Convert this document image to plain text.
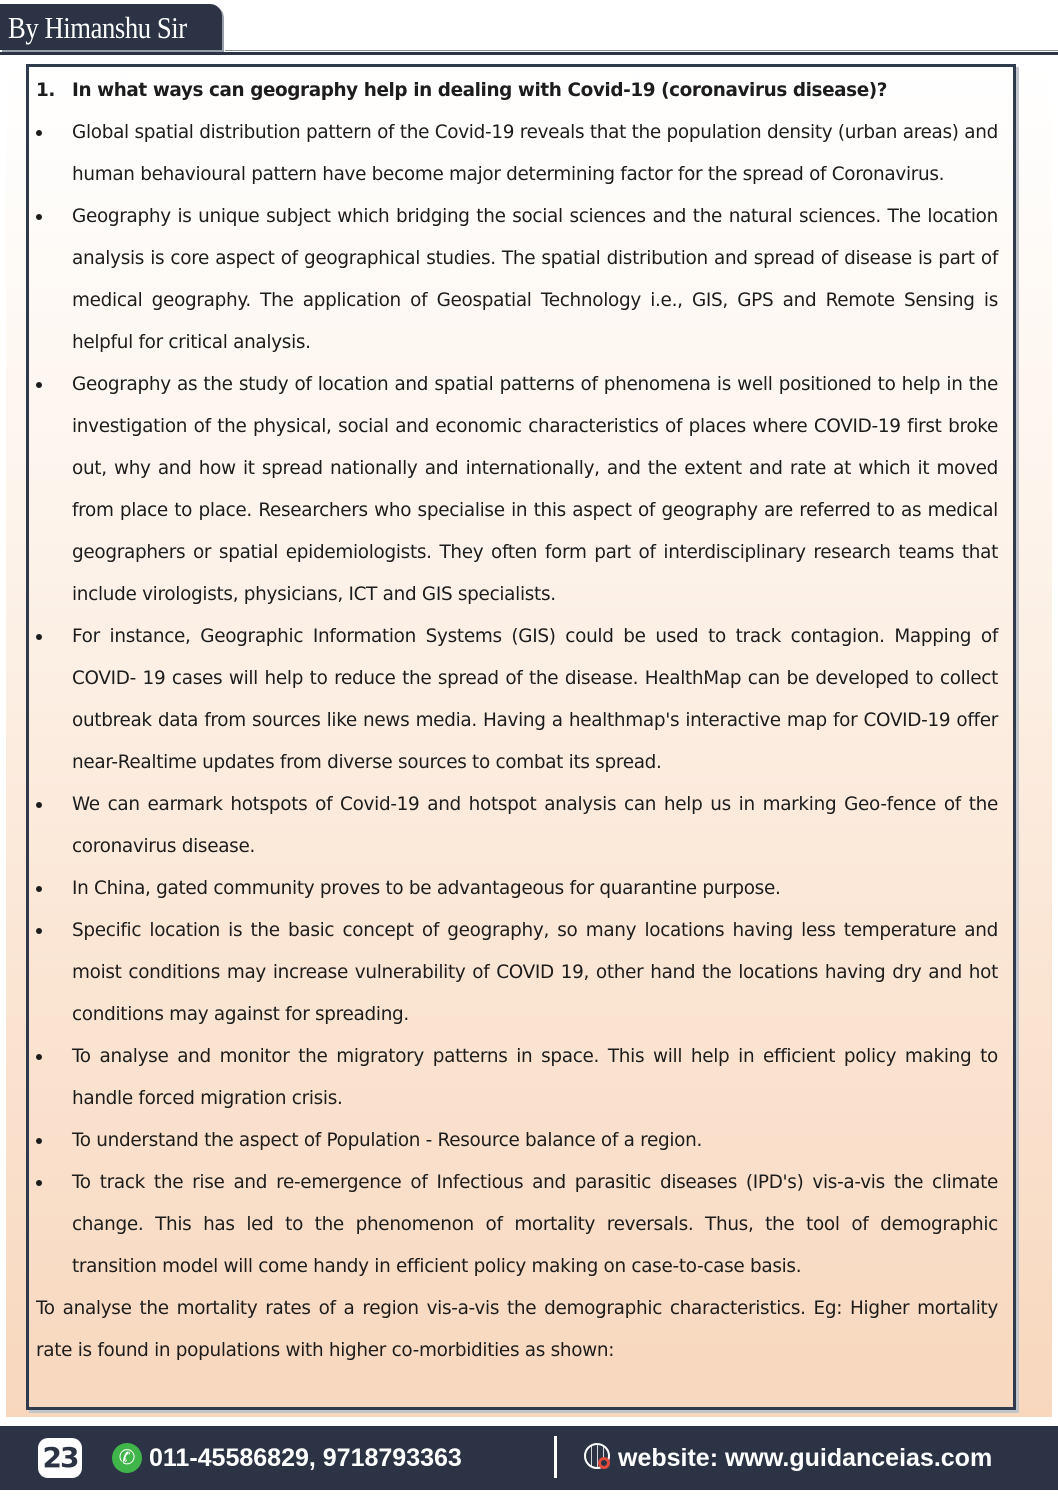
By Himanshu Sir
1. In what ways can geography help in dealing with Covid-19 (coronavirus disease)?
Global spatial distribution pattern of the Covid-19 reveals that the population density (urban areas) and human behavioural pattern have become major determining factor for the spread of Coronavirus.
Geography is unique subject which bridging the social sciences and the natural sciences. The location analysis is core aspect of geographical studies. The spatial distribution and spread of disease is part of medical geography. The application of Geospatial Technology i.e., GIS, GPS and Remote Sensing is helpful for critical analysis.
Geography as the study of location and spatial patterns of phenomena is well positioned to help in the investigation of the physical, social and economic characteristics of places where COVID-19 first broke out, why and how it spread nationally and internationally, and the extent and rate at which it moved from place to place. Researchers who specialise in this aspect of geography are referred to as medical geographers or spatial epidemiologists. They often form part of interdisciplinary research teams that include virologists, physicians, ICT and GIS specialists.
For instance, Geographic Information Systems (GIS) could be used to track contagion. Mapping of COVID- 19 cases will help to reduce the spread of the disease. HealthMap can be developed to collect outbreak data from sources like news media. Having a healthmap's interactive map for COVID-19 offer near-Realtime updates from diverse sources to combat its spread.
We can earmark hotspots of Covid-19 and hotspot analysis can help us in marking Geo-fence of the coronavirus disease.
In China, gated community proves to be advantageous for quarantine purpose.
Specific location is the basic concept of geography, so many locations having less temperature and moist conditions may increase vulnerability of COVID 19, other hand the locations having dry and hot conditions may against for spreading.
To analyse and monitor the migratory patterns in space. This will help in efficient policy making to handle forced migration crisis.
To understand the aspect of Population - Resource balance of a region.
To track the rise and re-emergence of Infectious and parasitic diseases (IPD's) vis-a-vis the climate change. This has led to the phenomenon of mortality reversals. Thus, the tool of demographic transition model will come handy in efficient policy making on case-to-case basis.
To analyse the mortality rates of a region vis-a-vis the demographic characteristics. Eg: Higher mortality rate is found in populations with higher co-morbidities as shown:
23
✆	011-45586829, 9718793363	website: www.guidanceias.com
